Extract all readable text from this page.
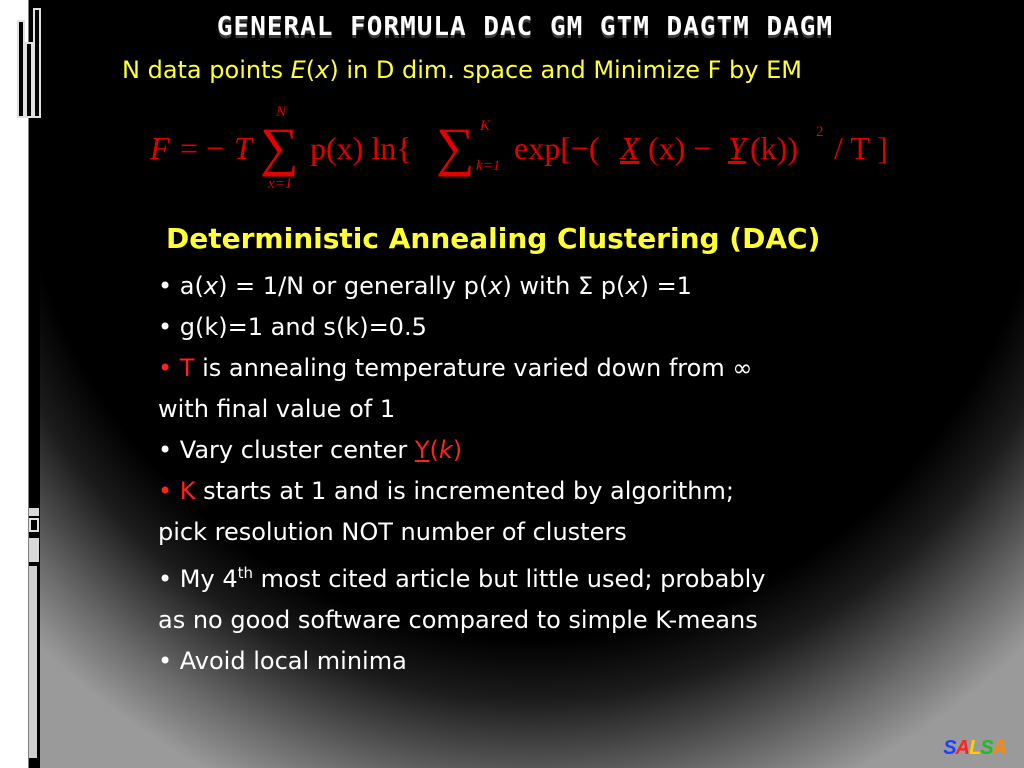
GENERAL FORMULA DAC GM GTM DAGTM DAGM
N data points E(x) in D dim. space and Minimize F by EM
F = − T
N
∑
x=1
p(x) ln{ ∑ K
k=1 exp[−( X (x) − Y (k)) 2 / T ]
Deterministic Annealing Clustering (DAC)
• a(x) = 1/N or generally p(x) with Σ p(x) =1
• g(k)=1 and s(k)=0.5
• T is annealing temperature varied down from ∞
with final value of 1
• Vary cluster center Y(k)
• K starts at 1 and is incremented by algorithm;
pick resolution NOT number of clusters
• My 4th most cited article but little used; probably
as no good software compared to simple K-means
• Avoid local minima
SALSA
